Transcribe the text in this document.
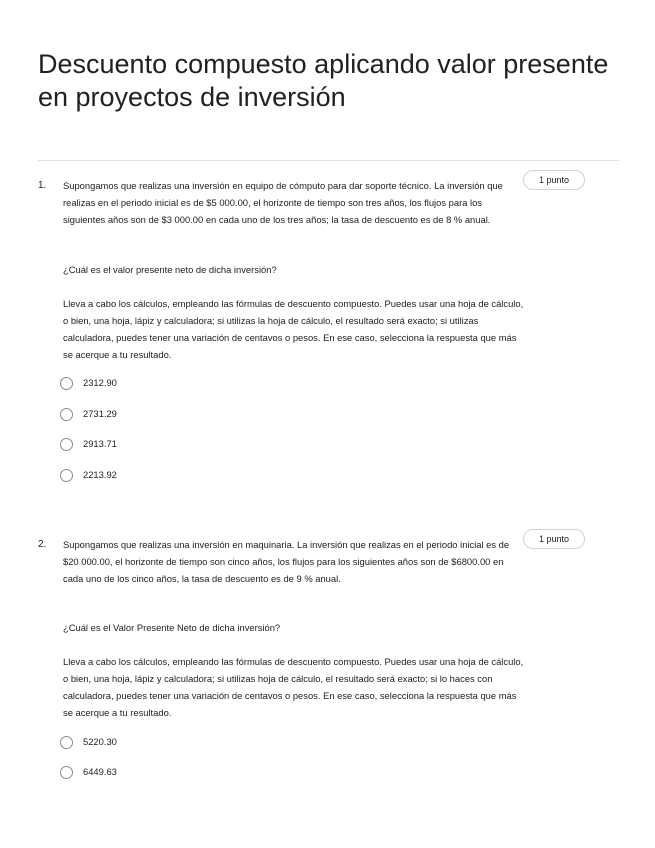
Descuento compuesto aplicando valor presente en proyectos de inversión
1. Supongamos que realizas una inversión en equipo de cómputo para dar soporte técnico. La inversión que realizas en el periodo inicial es de $5 000.00, el horizonte de tiempo son tres años, los flujos para los siguientes años son de $3 000.00 en cada uno de los tres años; la tasa de descuento es de 8 % anual.

1 punto

¿Cuál es el valor presente neto de dicha inversión?

Lleva a cabo los cálculos, empleando las fórmulas de descuento compuesto. Puedes usar una hoja de cálculo, o bien, una hoja, lápiz y calculadora; si utilizas la hoja de cálculo, el resultado será exacto; si utilizas calculadora, puedes tener una variación de centavos o pesos. En ese caso, selecciona la respuesta que más se acerque a tu resultado.

2312.90
2731.29
2913.71
2213.92
2. Supongamos que realizas una inversión en maquinaria. La inversión que realizas en el periodo inicial es de $20 000.00, el horizonte de tiempo son cinco años, los flujos para los siguientes años son de $6800.00 en cada uno de los cinco años, la tasa de descuento es de 9 % anual.

1 punto

¿Cuál es el Valor Presente Neto de dicha inversión?

Lleva a cabo los cálculos, empleando las fórmulas de descuento compuesto. Puedes usar una hoja de cálculo, o bien, una hoja, lápiz y calculadora; si utilizas hoja de cálculo, el resultado será exacto; si lo haces con calculadora, puedes tener una variación de centavos o pesos. En ese caso, selecciona la respuesta que más se acerque a tu resultado.

5220.30
6449.63
